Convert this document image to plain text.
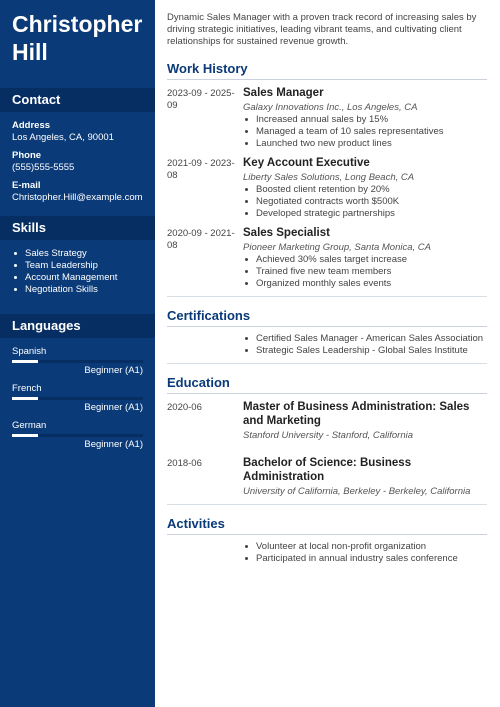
Christopher Hill
Contact
Address
Los Angeles, CA, 90001
Phone
(555)555-5555
E-mail
Christopher.Hill@example.com
Skills
Sales Strategy
Team Leadership
Account Management
Negotiation Skills
Languages
Spanish
Beginner (A1)
French
Beginner (A1)
German
Beginner (A1)
Dynamic Sales Manager with a proven track record of increasing sales by driving strategic initiatives, leading vibrant teams, and cultivating client relationships for sustained revenue growth.
Work History
2023-09 - 2025-09
Sales Manager
Galaxy Innovations Inc., Los Angeles, CA
Increased annual sales by 15%
Managed a team of 10 sales representatives
Launched two new product lines
2021-09 - 2023-08
Key Account Executive
Liberty Sales Solutions, Long Beach, CA
Boosted client retention by 20%
Negotiated contracts worth $500K
Developed strategic partnerships
2020-09 - 2021-08
Sales Specialist
Pioneer Marketing Group, Santa Monica, CA
Achieved 30% sales target increase
Trained five new team members
Organized monthly sales events
Certifications
Certified Sales Manager - American Sales Association
Strategic Sales Leadership - Global Sales Institute
Education
2020-06	Master of Business Administration: Sales and Marketing
Stanford University - Stanford, California
2018-06	Bachelor of Science: Business Administration
University of California, Berkeley - Berkeley, California
Activities
Volunteer at local non-profit organization
Participated in annual industry sales conference
